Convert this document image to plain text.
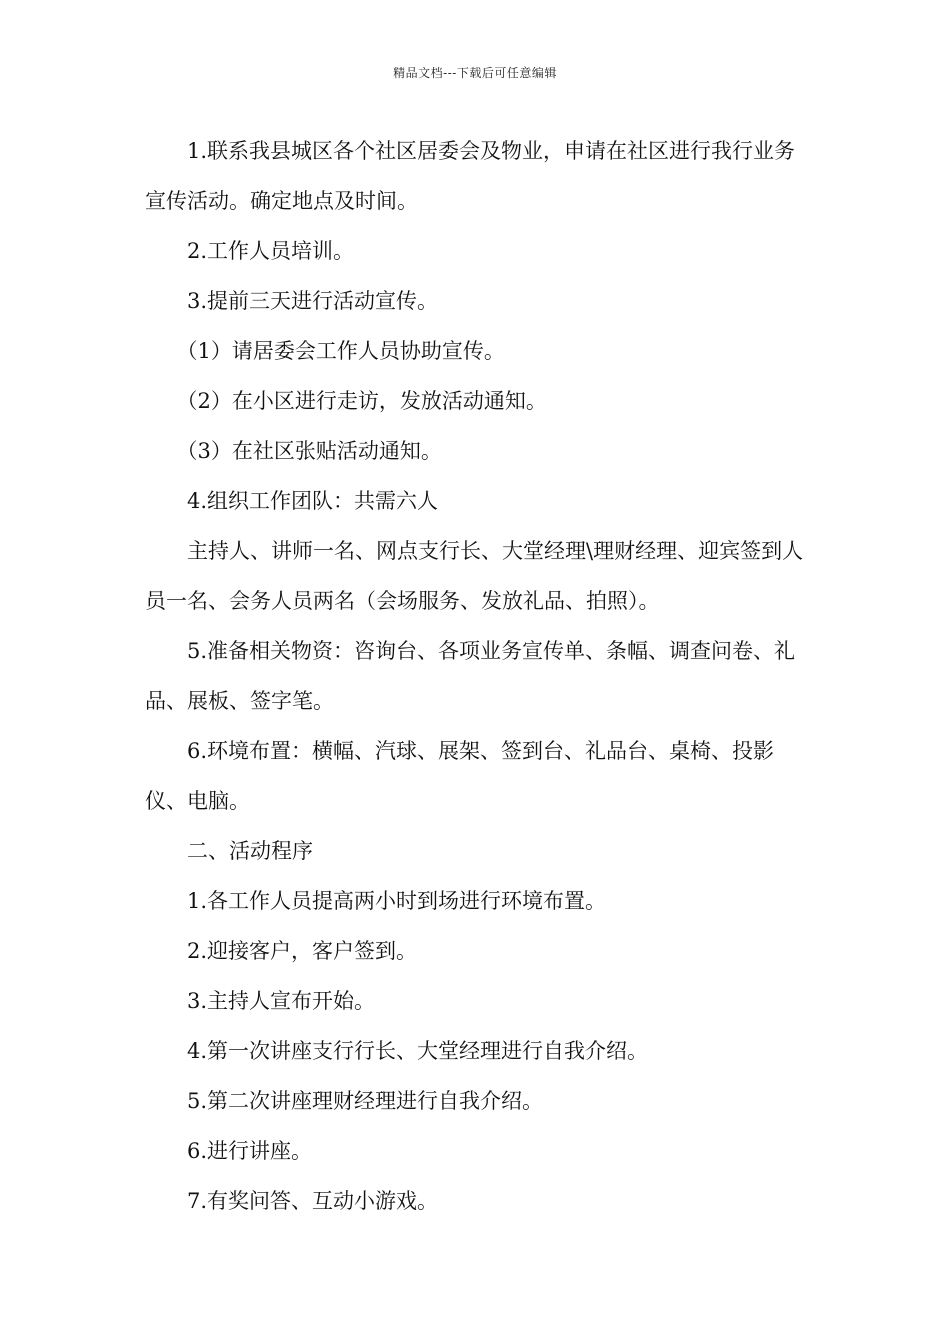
精品文档---下载后可任意编辑

1.联系我县城区各个社区居委会及物业，申请在社区进行我行业务宣传活动。确定地点及时间。

2.工作人员培训。

3.提前三天进行活动宣传。

（1）请居委会工作人员协助宣传。

（2）在小区进行走访，发放活动通知。

（3）在社区张贴活动通知。

4.组织工作团队：共需六人

主持人、讲师一名、网点支行长、大堂经理\理财经理、迎宾签到人员一名、会务人员两名（会场服务、发放礼品、拍照）。

5.准备相关物资：咨询台、各项业务宣传单、条幅、调查问卷、礼品、展板、签字笔。

6.环境布置：横幅、汽球、展架、签到台、礼品台、桌椅、投影仪、电脑。

二、活动程序

1.各工作人员提高两小时到场进行环境布置。

2.迎接客户，客户签到。

3.主持人宣布开始。

4.第一次讲座支行行长、大堂经理进行自我介绍。

5.第二次讲座理财经理进行自我介绍。

6.进行讲座。

7.有奖问答、互动小游戏。
